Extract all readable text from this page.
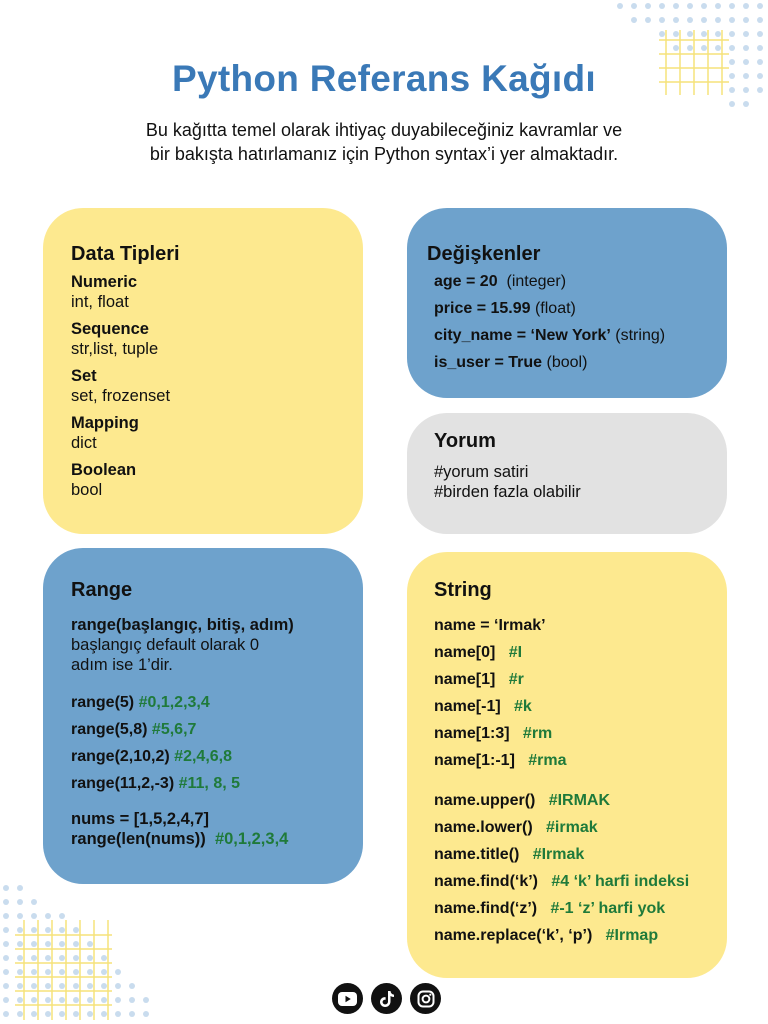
Python Referans Kağıdı
Bu kağıtta temel olarak ihtiyaç duyabileceğiniz kavramlar ve
bir bakışta hatırlamanız için Python syntax’i yer almaktadır.
Data Tipleri
Numeric
int, float
Sequence
str,list, tuple
Set
set, frozenset
Mapping
dict
Boolean
bool
Değişkenler
age = 20 (integer)
price = 15.99 (float)
city_name = ‘New York’ (string)
is_user = True (bool)
Yorum
#yorum satiri
#birden fazla olabilir
Range
range(başlangıç, bitiş, adım)
başlangıç default olarak 0
adım ise 1’dir.
range(5) #0,1,2,3,4
range(5,8) #5,6,7
range(2,10,2) #2,4,6,8
range(11,2,-3) #11, 8, 5
nums = [1,5,2,4,7]
range(len(nums)) #0,1,2,3,4
String
name = ‘Irmak’
name[0] #I
name[1] #r
name[-1] #k
name[1:3] #rm
name[1:-1] #rma
name.upper() #IRMAK
name.lower() #irmak
name.title() #Irmak
name.find(‘k’) #4 ‘k’ harfi indeksi
name.find(‘z’) #-1 ‘z’ harfi yok
name.replace(‘k’, ‘p’) #Irmap
